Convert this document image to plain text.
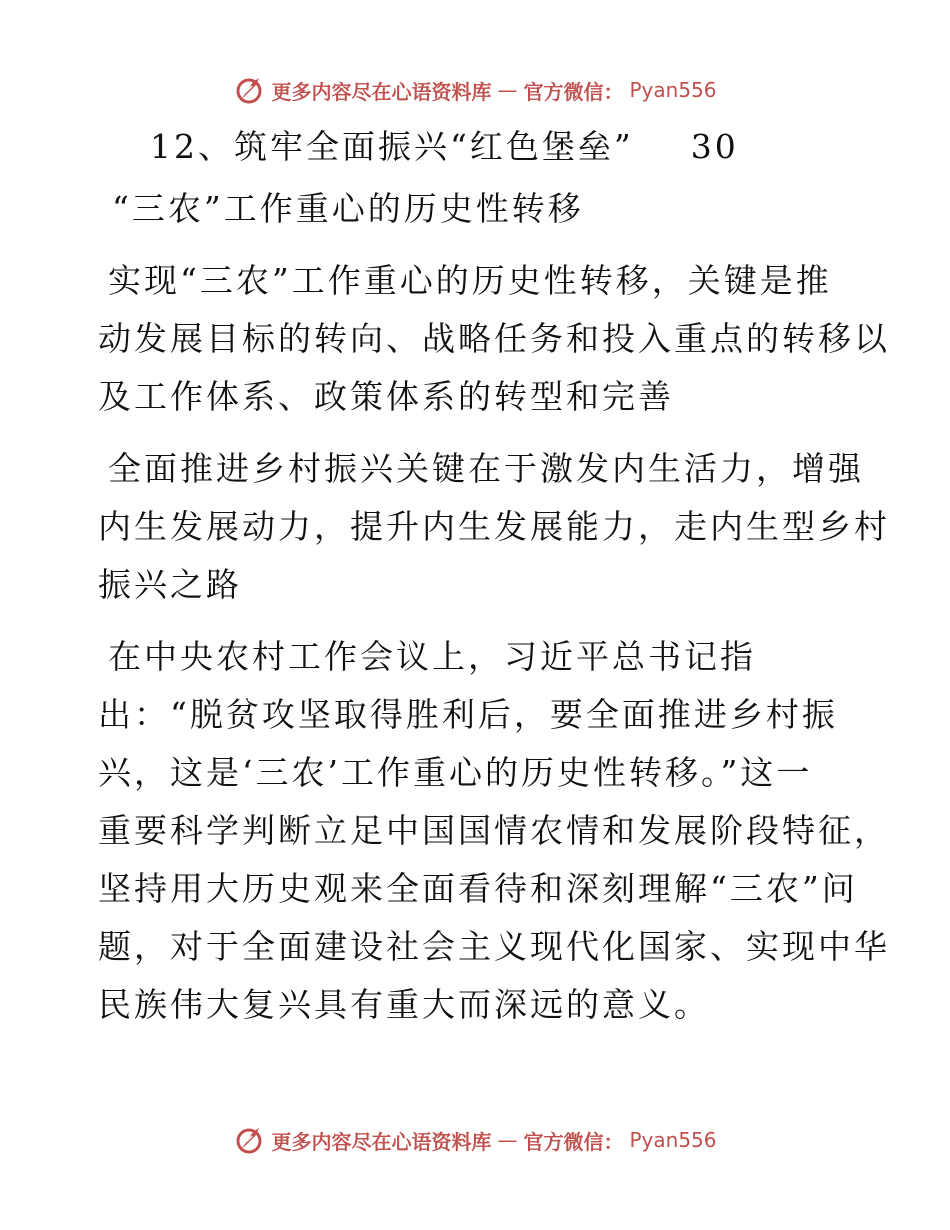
更多内容尽在心语资料库 — 官方微信： Pyan556
12、筑牢全面振兴“红色堡垒” 30
“三农”工作重心的历史性转移
实现“三农”工作重心的历史性转移，关键是推
动发展目标的转向、战略任务和投入重点的转移以
及工作体系、政策体系的转型和完善
全面推进乡村振兴关键在于激发内生活力，增强
内生发展动力，提升内生发展能力，走内生型乡村
振兴之路
在中央农村工作会议上，习近平总书记指
出：“脱贫攻坚取得胜利后，要全面推进乡村振
兴，这是‘三农’工作重心的历史性转移。”这一
重要科学判断立足中国国情农情和发展阶段特征，
坚持用大历史观来全面看待和深刻理解“三农”问
题，对于全面建设社会主义现代化国家、实现中华
民族伟大复兴具有重大而深远的意义。
更多内容尽在心语资料库 — 官方微信： Pyan556
